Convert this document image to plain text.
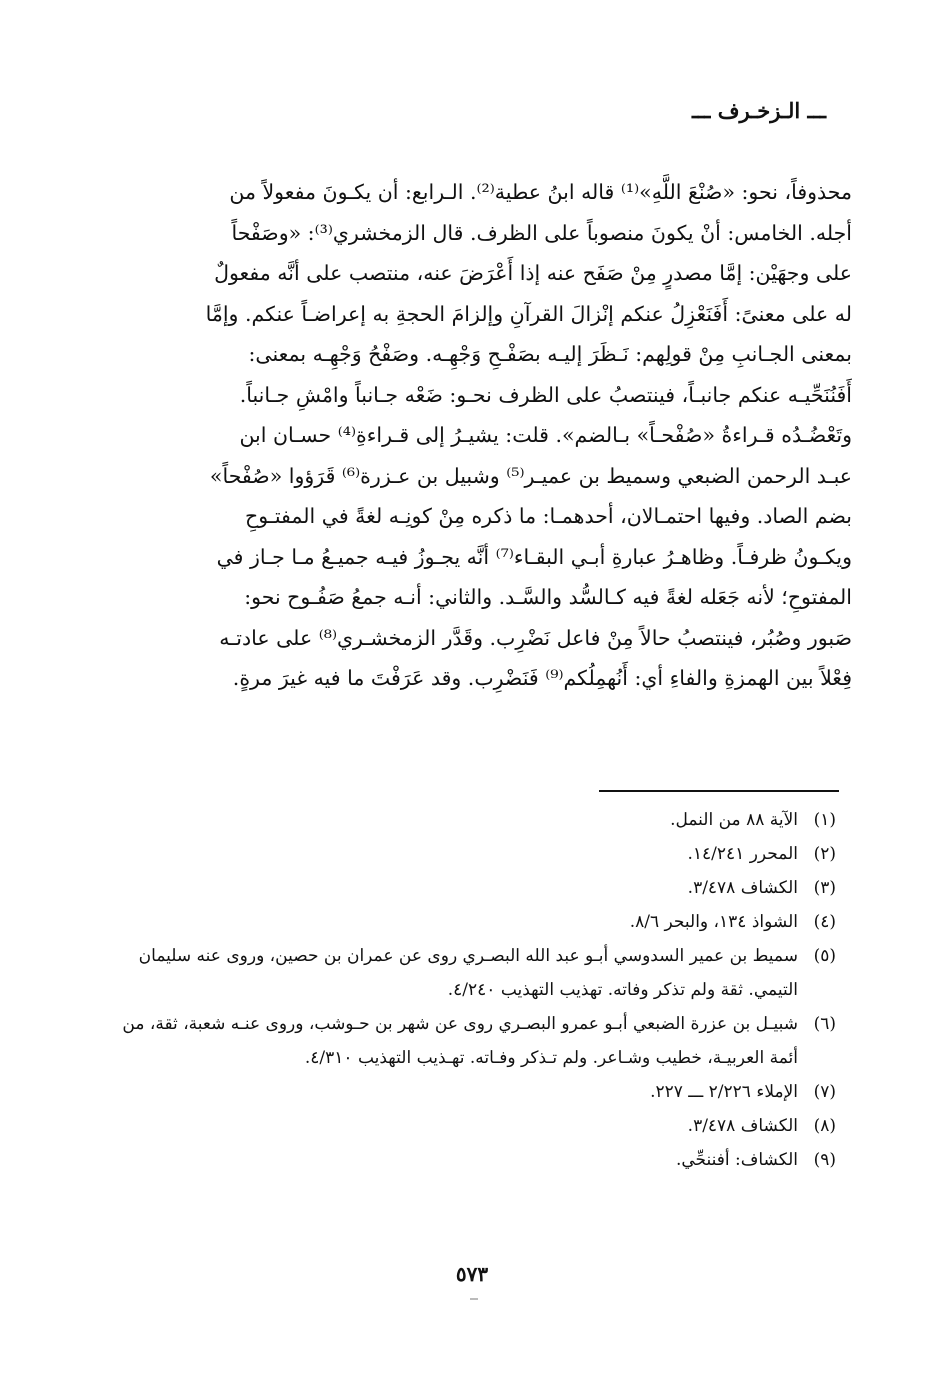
ـــ الـزخـرف ـــ
محذوفاً، نحو: «صُنْعَ اللَّهِ»⁽¹⁾ قاله ابنُ عطية⁽²⁾. الـرابع: أن يكـونَ مفعولاً من
أجله. الخامس: أنْ يكونَ منصوباً على الظرف. قال الزمخشري⁽³⁾: «وصَفْحاً
على وجهَيْن: إمَّا مصدرٍ مِنْ صَفَح عنه إذا أَعْرَضَ عنه، منتصب على أنَّه مفعولٌ
له على معنىً: أَفَنَعْزِلُ عنكم إنْزالَ القرآنِ وإلزامَ الحجةِ به إعراضـاً عنكم. وإمَّا
بمعنى الجـانبِ مِنْ قولِهم: نَـظَرَ إليـه بصَفْـحِ وَجْهِـه. وصَفْحُ وَجْهِـه بمعنى:
أَفَنُنَحِّيـه عنكم جانبـاً، فينتصبُ على الظرف نحـو: ضَعْه جـانباً وامْشِ جـانباً.
وتَعْضُـدُه قـراءةُ «صُفْحـاً» بـالضم». قلت: يشيـرُ إلى قـراءةِ⁽⁴⁾ حسـان ابن
عبـد الرحمن الضبعي وسميط بن عميـر⁽⁵⁾ وشبيل بن عـزرة⁽⁶⁾ قَرَؤوا «صُفْحاً»
بضم الصاد. وفيها احتمـالان، أحدهمـا: ما ذكره مِنْ كونِـه لغةً في المفتـوحِ
ويكـونُ ظرفـاً. وظاهـرُ عبارةِ أبـي البقـاء⁽⁷⁾ أنَّه يجـوزُ فيـه جميـعُ مـا جـاز في
المفتوحِ؛ لأنه جَعَله لغةً فيه كـالسُّد والسَّـد. والثاني: أنـه جمعُ صَفُـوح نحو:
صَبور وصُبُر، فينتصبُ حالاً مِنْ فاعل نَضْرِب. وقَدَّر الزمخشـري⁽⁸⁾ على عادتـه
فِعْلاً بين الهمزةِ والفاءِ أي: أَنُهمِلُكم⁽⁹⁾ فَنَضْرِب. وقد عَرَفْتَ ما فيه غيرَ مرةٍ.
(١)
الآية ٨٨ من النمل.
(٢)
المحرر ١٤/٢٤١.
(٣)
الكشاف ٣/٤٧٨.
(٤)
الشواذ ١٣٤، والبحر ٨/٦.
(٥)
سميط بن عمير السدوسي أبـو عبد الله البصـري روى عن عمران بن حصين، وروى عنه سليمان التيمي. ثقة ولم تذكر وفاته. تهذيب التهذيب ٤/٢٤٠.
(٦)
شبيـل بن عزرة الضبعي أبـو عمرو البصـري روى عن شهر بن حـوشب، وروى عنـه شعبة، ثقة، من أئمة العربيـة، خطيب وشـاعر. ولم تـذكر وفـاته. تهـذيب التهذيب ٤/٣١٠.
(٧)
الإملاء ٢/٢٢٦ ـــ ٢٢٧.
(٨)
الكشاف ٣/٤٧٨.
(٩)
الكشاف: أفننحِّي.
٥٧٣
